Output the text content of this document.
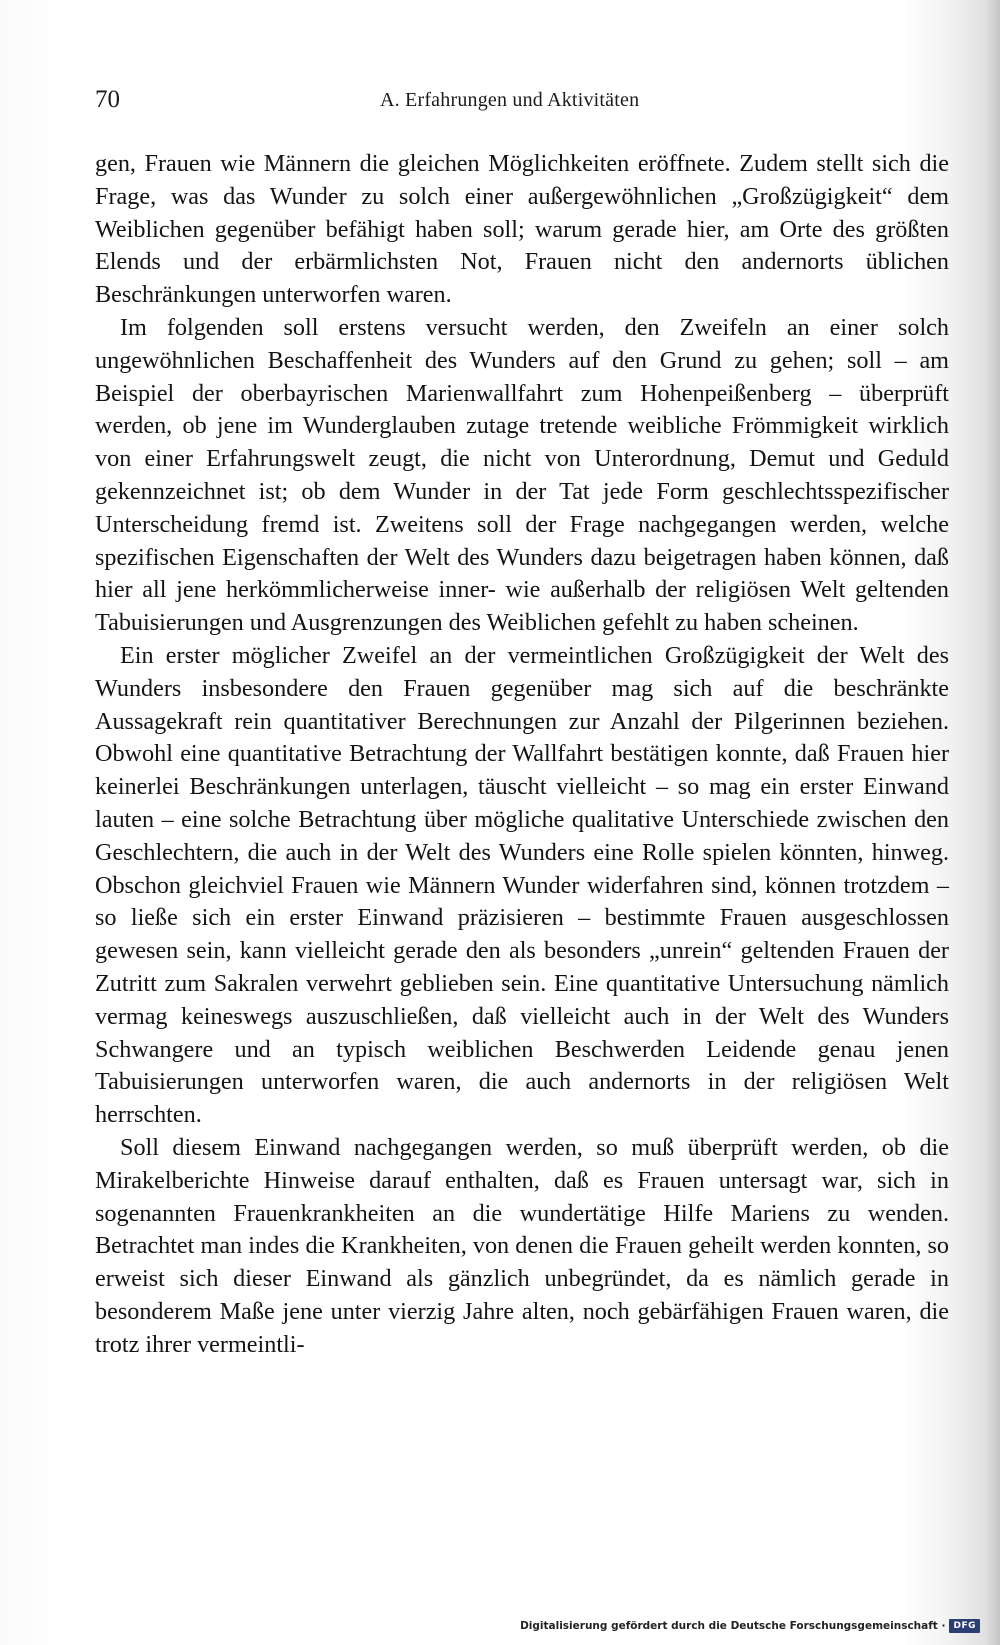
70	A. Erfahrungen und Aktivitäten

gen, Frauen wie Männern die gleichen Möglichkeiten eröffnete. Zudem stellt sich die Frage, was das Wunder zu solch einer außergewöhnlichen „Großzügigkeit“ dem Weiblichen gegenüber befähigt haben soll; warum gerade hier, am Orte des größten Elends und der erbärmlichsten Not, Frauen nicht den andernorts üblichen Beschränkungen unterworfen waren.

Im folgenden soll erstens versucht werden, den Zweifeln an einer solch ungewöhnlichen Beschaffenheit des Wunders auf den Grund zu gehen; soll – am Beispiel der oberbayrischen Marienwallfahrt zum Hohenpeißenberg – überprüft werden, ob jene im Wunderglauben zutage tretende weibliche Frömmigkeit wirklich von einer Erfahrungswelt zeugt, die nicht von Unterordnung, Demut und Geduld gekennzeichnet ist; ob dem Wunder in der Tat jede Form geschlechtsspezifischer Unterscheidung fremd ist. Zweitens soll der Frage nachgegangen werden, welche spezifischen Eigenschaften der Welt des Wunders dazu beigetragen haben können, daß hier all jene herkömmlicherweise inner- wie außerhalb der religiösen Welt geltenden Tabuisierungen und Ausgrenzungen des Weiblichen gefehlt zu haben scheinen.

Ein erster möglicher Zweifel an der vermeintlichen Großzügigkeit der Welt des Wunders insbesondere den Frauen gegenüber mag sich auf die beschränkte Aussagekraft rein quantitativer Berechnungen zur Anzahl der Pilgerinnen beziehen. Obwohl eine quantitative Betrachtung der Wallfahrt bestätigen konnte, daß Frauen hier keinerlei Beschränkungen unterlagen, täuscht vielleicht – so mag ein erster Einwand lauten – eine solche Betrachtung über mögliche qualitative Unterschiede zwischen den Geschlechtern, die auch in der Welt des Wunders eine Rolle spielen könnten, hinweg. Obschon gleichviel Frauen wie Männern Wunder widerfahren sind, können trotzdem – so ließe sich ein erster Einwand präzisieren – bestimmte Frauen ausgeschlossen gewesen sein, kann vielleicht gerade den als besonders „unrein“ geltenden Frauen der Zutritt zum Sakralen verwehrt geblieben sein. Eine quantitative Untersuchung nämlich vermag keineswegs auszuschließen, daß vielleicht auch in der Welt des Wunders Schwangere und an typisch weiblichen Beschwerden Leidende genau jenen Tabuisierungen unterworfen waren, die auch andernorts in der religiösen Welt herrschten.

Soll diesem Einwand nachgegangen werden, so muß überprüft werden, ob die Mirakelberichte Hinweise darauf enthalten, daß es Frauen untersagt war, sich in sogenannten Frauenkrankheiten an die wundertätige Hilfe Mariens zu wenden. Betrachtet man indes die Krankheiten, von denen die Frauen geheilt werden konnten, so erweist sich dieser Einwand als gänzlich unbegründet, da es nämlich gerade in besonderem Maße jene unter vierzig Jahre alten, noch gebärfähigen Frauen waren, die trotz ihrer vermeintli-

Digitalisierung gefördert durch die Deutsche Forschungsgemeinschaft · DFG
